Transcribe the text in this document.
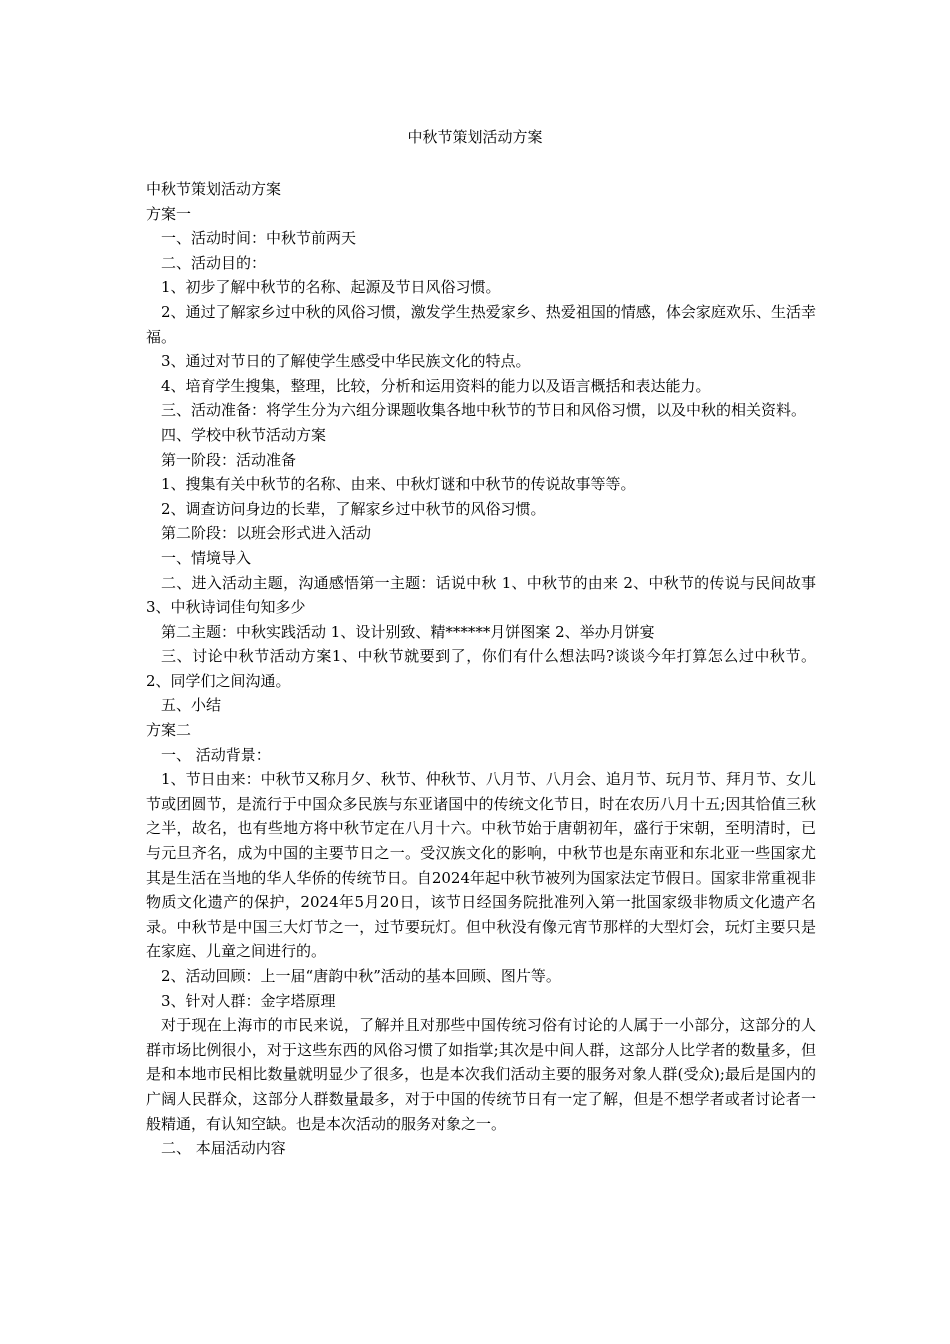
中秋节策划活动方案

中秋节策划活动方案

方案一

一、活动时间：中秋节前两天

二、活动目的：

1、初步了解中秋节的名称、起源及节日风俗习惯。

2、通过了解家乡过中秋的风俗习惯，激发学生热爱家乡、热爱祖国的情感，体会家庭欢乐、生活幸福。

3、通过对节日的了解使学生感受中华民族文化的特点。

4、培育学生搜集，整理，比较，分析和运用资料的能力以及语言概括和表达能力。

三、活动准备：将学生分为六组分课题收集各地中秋节的节日和风俗习惯，以及中秋的相关资料。

四、学校中秋节活动方案

第一阶段：活动准备

1、搜集有关中秋节的名称、由来、中秋灯谜和中秋节的传说故事等等。

2、调查访问身边的长辈，了解家乡过中秋节的风俗习惯。

第二阶段：以班会形式进入活动

一、情境导入

二、进入活动主题，沟通感悟第一主题：话说中秋 1、中秋节的由来 2、中秋节的传说与民间故事 3、中秋诗词佳句知多少

第二主题：中秋实践活动 1、设计别致、精******月饼图案 2、举办月饼宴

三、讨论中秋节活动方案1、中秋节就要到了，你们有什么想法吗?谈谈今年打算怎么过中秋节。 2、同学们之间沟通。

五、小结

方案二

一、 活动背景：

1、节日由来：中秋节又称月夕、秋节、仲秋节、八月节、八月会、追月节、玩月节、拜月节、女儿节或团圆节，是流行于中国众多民族与东亚诸国中的传统文化节日，时在农历八月十五;因其恰值三秋之半，故名，也有些地方将中秋节定在八月十六。中秋节始于唐朝初年，盛行于宋朝，至明清时，已与元旦齐名，成为中国的主要节日之一。受汉族文化的影响，中秋节也是东南亚和东北亚一些国家尤其是生活在当地的华人华侨的传统节日。自2024年起中秋节被列为国家法定节假日。国家非常重视非物质文化遗产的保护，2024年5月20日，该节日经国务院批准列入第一批国家级非物质文化遗产名录。中秋节是中国三大灯节之一，过节要玩灯。但中秋没有像元宵节那样的大型灯会，玩灯主要只是在家庭、儿童之间进行的。

2、活动回顾：上一届“唐韵中秋”活动的基本回顾、图片等。

3、针对人群：金字塔原理

对于现在上海市的市民来说，了解并且对那些中国传统习俗有讨论的人属于一小部分，这部分的人群市场比例很小，对于这些东西的风俗习惯了如指掌;其次是中间人群，这部分人比学者的数量多，但是和本地市民相比数量就明显少了很多，也是本次我们活动主要的服务对象人群(受众);最后是国内的广阔人民群众，这部分人群数量最多，对于中国的传统节日有一定了解，但是不想学者或者讨论者一般精通，有认知空缺。也是本次活动的服务对象之一。

二、 本届活动内容
